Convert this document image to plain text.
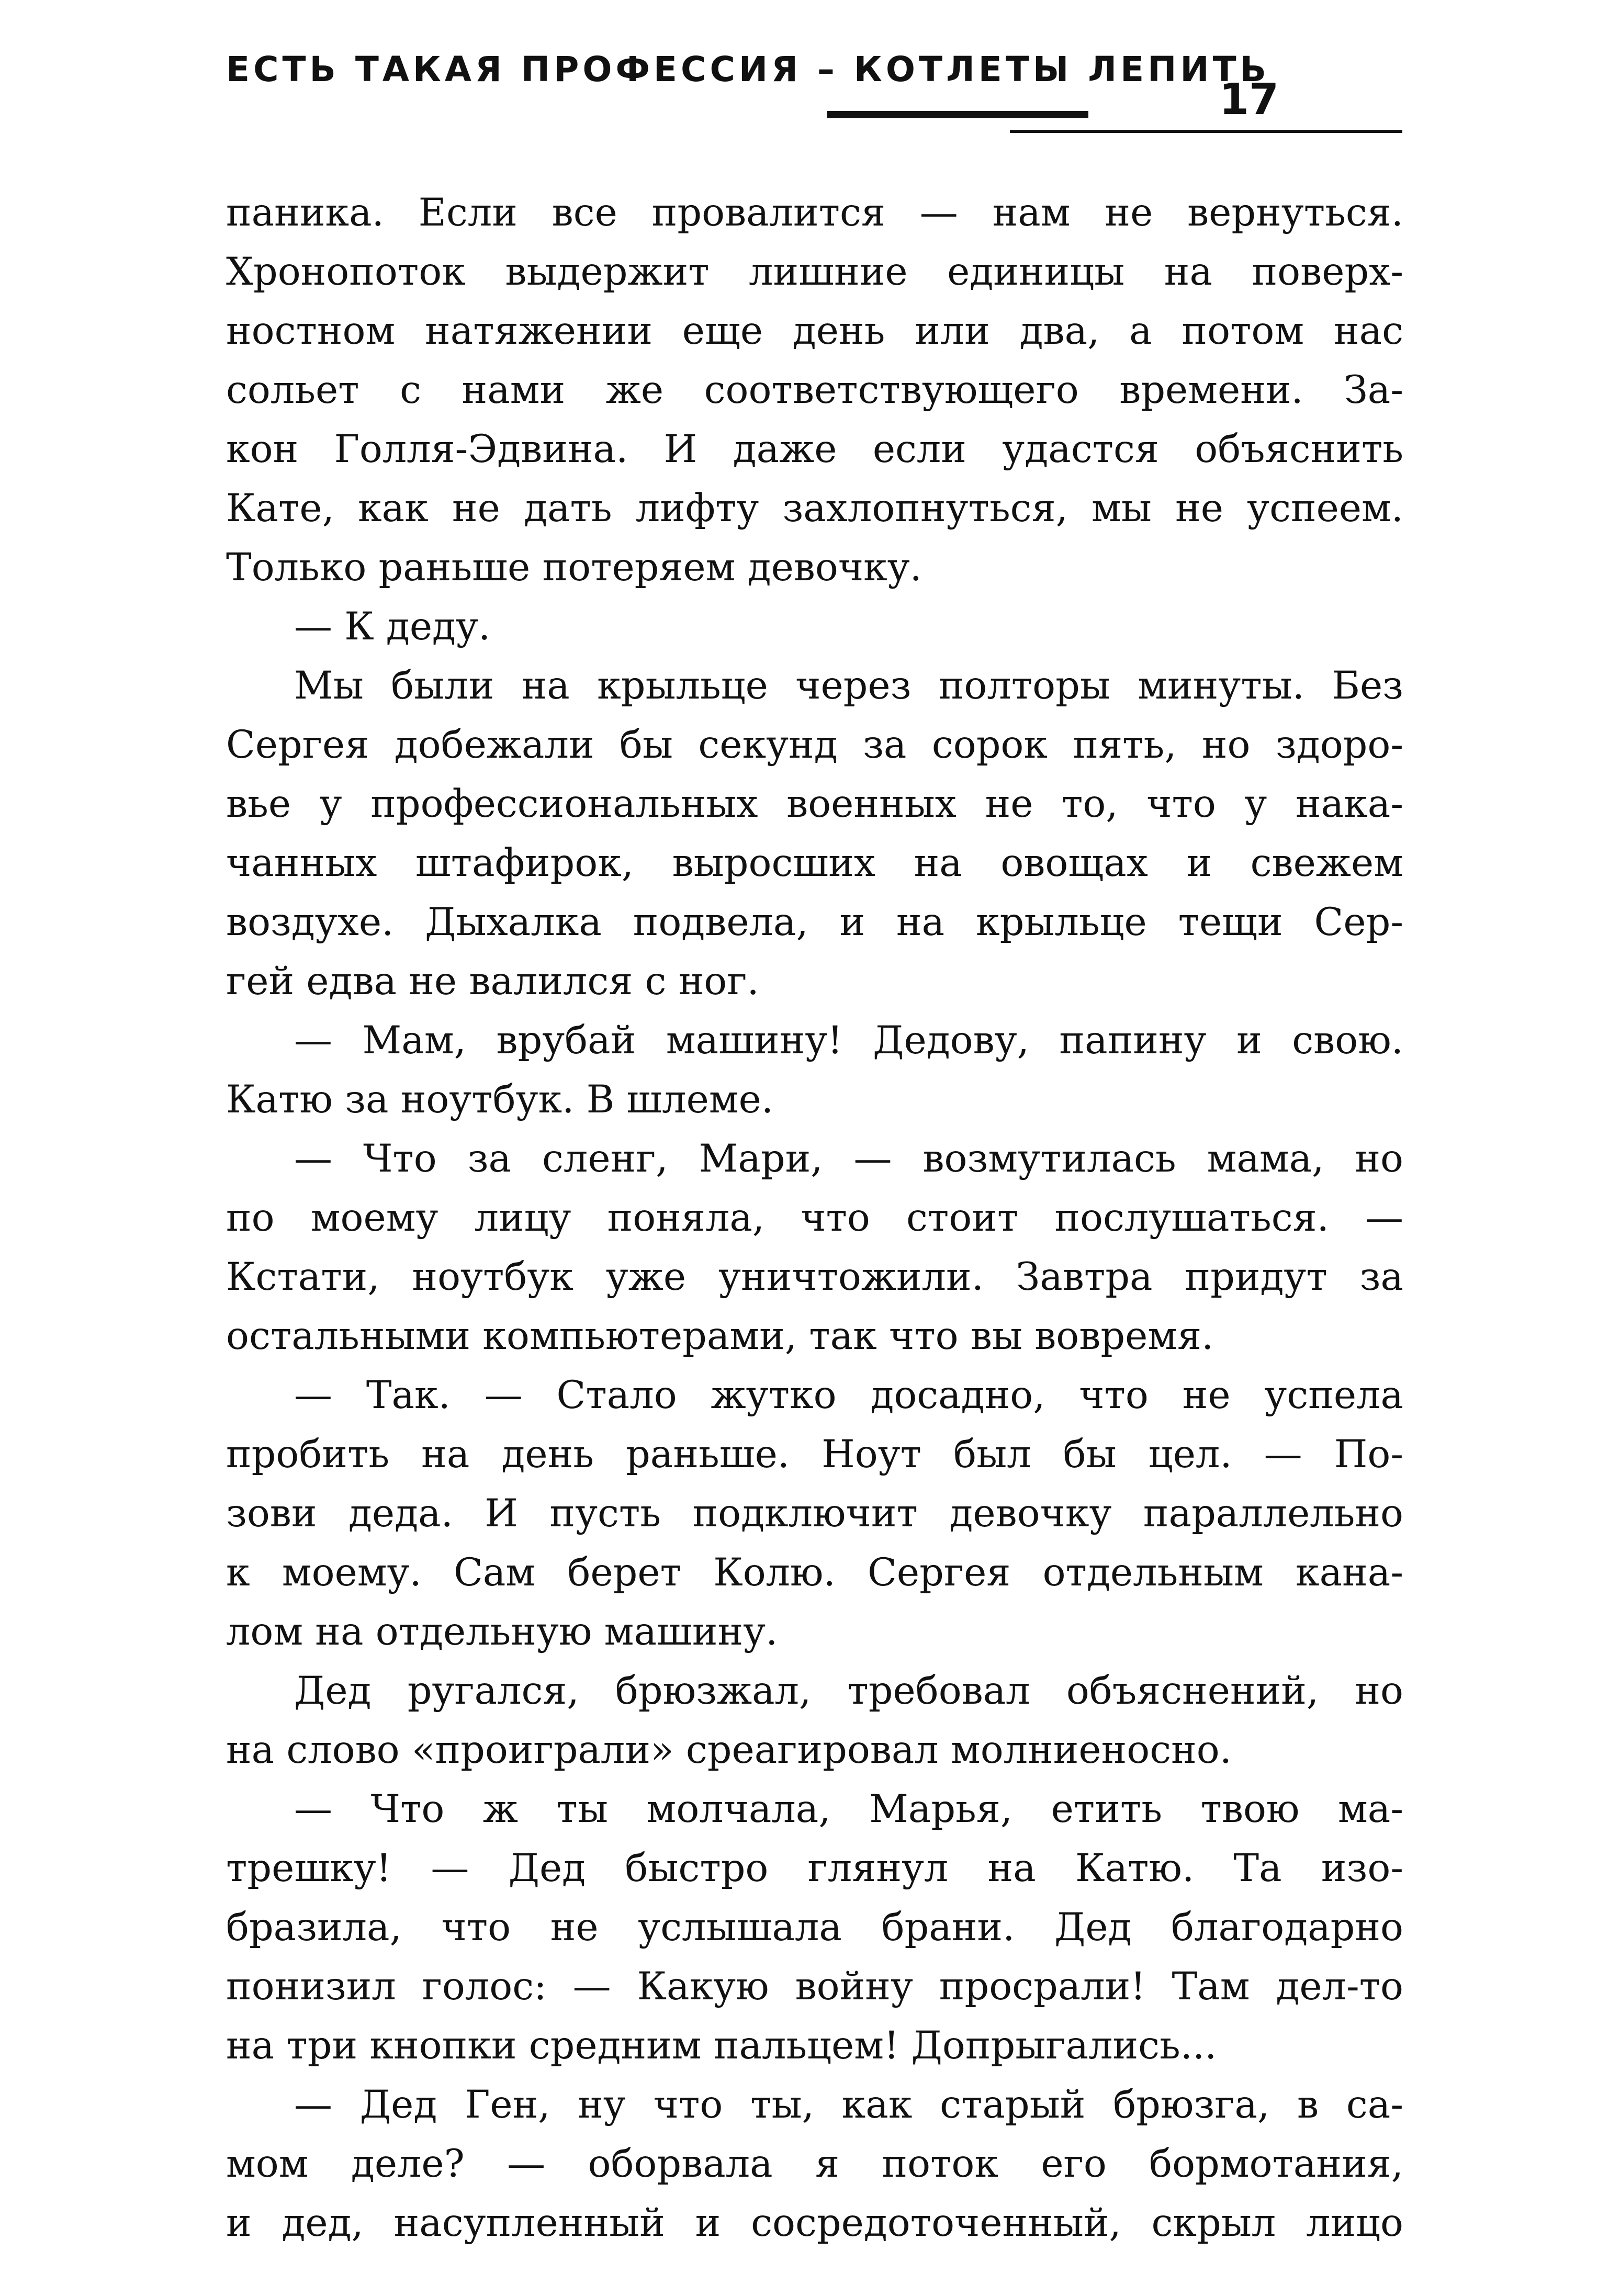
ЕСТЬ ТАКАЯ ПРОФЕССИЯ – КОТЛЕТЫ ЛЕПИТЬ
17
паника. Если все провалится — нам не вернуться.
Хронопоток выдержит лишние единицы на поверх-
ностном натяжении еще день или два, а потом нас
сольет с нами же соответствующего времени. За-
кон Голля-Эдвина. И даже если удастся объяснить
Кате, как не дать лифту захлопнуться, мы не успеем.
Только раньше потеряем девочку.
— К деду.
Мы были на крыльце через полторы минуты. Без
Сергея добежали бы секунд за сорок пять, но здоро-
вье у профессиональных военных не то, что у нака-
чанных штафирок, выросших на овощах и свежем
воздухе. Дыхалка подвела, и на крыльце тещи Сер-
гей едва не валился с ног.
— Мам, врубай машину! Дедову, папину и свою.
Катю за ноутбук. В шлеме.
— Что за сленг, Мари, — возмутилась мама, но
по моему лицу поняла, что стоит послушаться. —
Кстати, ноутбук уже уничтожили. Завтра придут за
остальными компьютерами, так что вы вовремя.
— Так. — Стало жутко досадно, что не успела
пробить на день раньше. Ноут был бы цел. — По-
зови деда. И пусть подключит девочку параллельно
к моему. Сам берет Колю. Сергея отдельным кана-
лом на отдельную машину.
Дед ругался, брюзжал, требовал объяснений, но
на слово «проиграли» среагировал молниеносно.
— Что ж ты молчала, Марья, етить твою ма-
трешку! — Дед быстро глянул на Катю. Та изо-
бразила, что не услышала брани. Дед благодарно
понизил голос: — Какую войну просрали! Там дел-то
на три кнопки средним пальцем! Допрыгались...
— Дед Ген, ну что ты, как старый брюзга, в са-
мом деле? — оборвала я поток его бормотания,
и дед, насупленный и сосредоточенный, скрыл лицо
